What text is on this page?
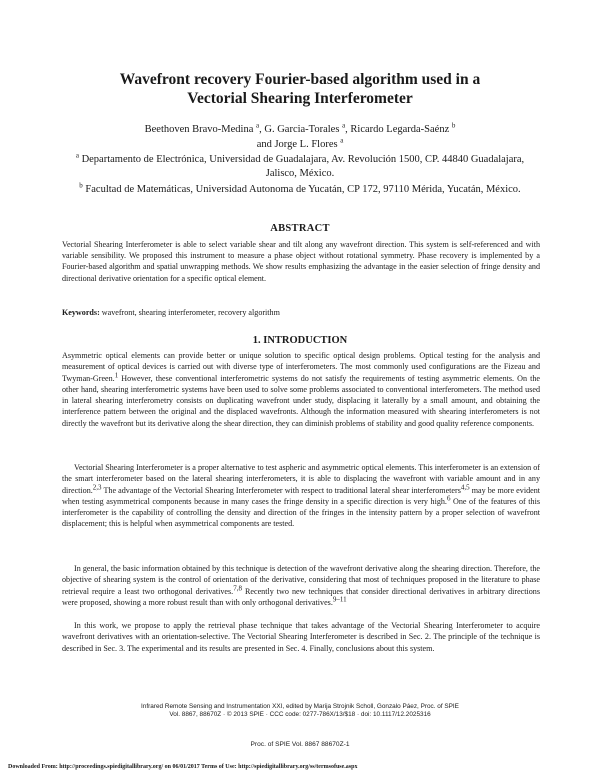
Wavefront recovery Fourier-based algorithm used in a
Vectorial Shearing Interferometer
Beethoven Bravo-Medina $^a$, G. Garcia-Torales $^a$, Ricardo Legarda-Saénz $^b$
and Jorge L. Flores $^a$
$^a$ Departamento de Electrónica, Universidad de Guadalajara, Av. Revolución 1500, CP. 44840 Guadalajara, Jalisco, México.
$^b$ Facultad de Matemáticas, Universidad Autonoma de Yucatán, CP 172, 97110 Mérida, Yucatán, México.
ABSTRACT
Vectorial Shearing Interferometer is able to select variable shear and tilt along any wavefront direction. This system is self-referenced and with variable sensibility. We proposed this instrument to measure a phase object without rotational symmetry. Phase recovery is implemented by a Fourier-based algorithm and spatial unwrapping methods. We show results emphasizing the advantage in the easier selection of fringe density and directional derivative orientation for a specific optical element.
Keywords: wavefront, shearing interferometer, recovery algorithm
1. INTRODUCTION
Asymmetric optical elements can provide better or unique solution to specific optical design problems. Optical testing for the analysis and measurement of optical devices is carried out with diverse type of interferometers. The most commonly used configurations are the Fizeau and Twyman-Green.$^1$ However, these conventional interferometric systems do not satisfy the requirements of testing asymmetric elements. On the other hand, shearing interferometric systems have been used to solve some problems associated to conventional interferometers. The method used in lateral shearing interferometry consists on duplicating wavefront under study, displacing it laterally by a small amount, and obtaining the interference pattern between the original and the displaced wavefronts. Although the information measured with shearing interferometers is not directly the wavefront but its derivative along the shear direction, they can diminish problems of stability and good quality reference components.
Vectorial Shearing Interferometer is a proper alternative to test aspheric and asymmetric optical elements. This interferometer is an extension of the smart interferometer based on the lateral shearing interferometers, it is able to displacing the wavefront with variable amount and in any direction.$^{2,3}$ The advantage of the Vectorial Shearing Interferometer with respect to traditional lateral shear interferometers$^{4,5}$ may be more evident when testing asymmetrical components because in many cases the fringe density in a specific direction is very high.$^6$ One of the features of this interferometer is the capability of controlling the density and direction of the fringes in the intensity pattern by a proper selection of wavefront displacement; this is helpful when asymmetrical components are tested.
In general, the basic information obtained by this technique is detection of the wavefront derivative along the shearing direction. Therefore, the objective of shearing system is the control of orientation of the derivative, considering that most of techniques proposed in the literature to phase retrieval require a least two orthogonal derivatives.$^{7,8}$ Recently two new techniques that consider directional derivatives in arbitrary directions were proposed, showing a more robust result than with only orthogonal derivatives.$^{9-11}$
In this work, we propose to apply the retrieval phase technique that takes advantage of the Vectorial Shearing Interferometer to acquire wavefront derivatives with an orientation-selective. The Vectorial Shearing Interferometer is described in Sec. 2. The principle of the technique is described in Sec. 3. The experimental and its results are presented in Sec. 4. Finally, conclusions about this system.
Infrared Remote Sensing and Instrumentation XXI, edited by Marija Strojnik Scholl, Gonzalo Páez, Proc. of SPIE
Vol. 8867, 88670Z · © 2013 SPIE · CCC code: 0277-786X/13/$18 · doi: 10.1117/12.2025316
Proc. of SPIE Vol. 8867 88670Z-1
Downloaded From: http://proceedings.spiedigitallibrary.org/ on 06/01/2017 Terms of Use: http://spiedigitallibrary.org/ss/termsofuse.aspx
